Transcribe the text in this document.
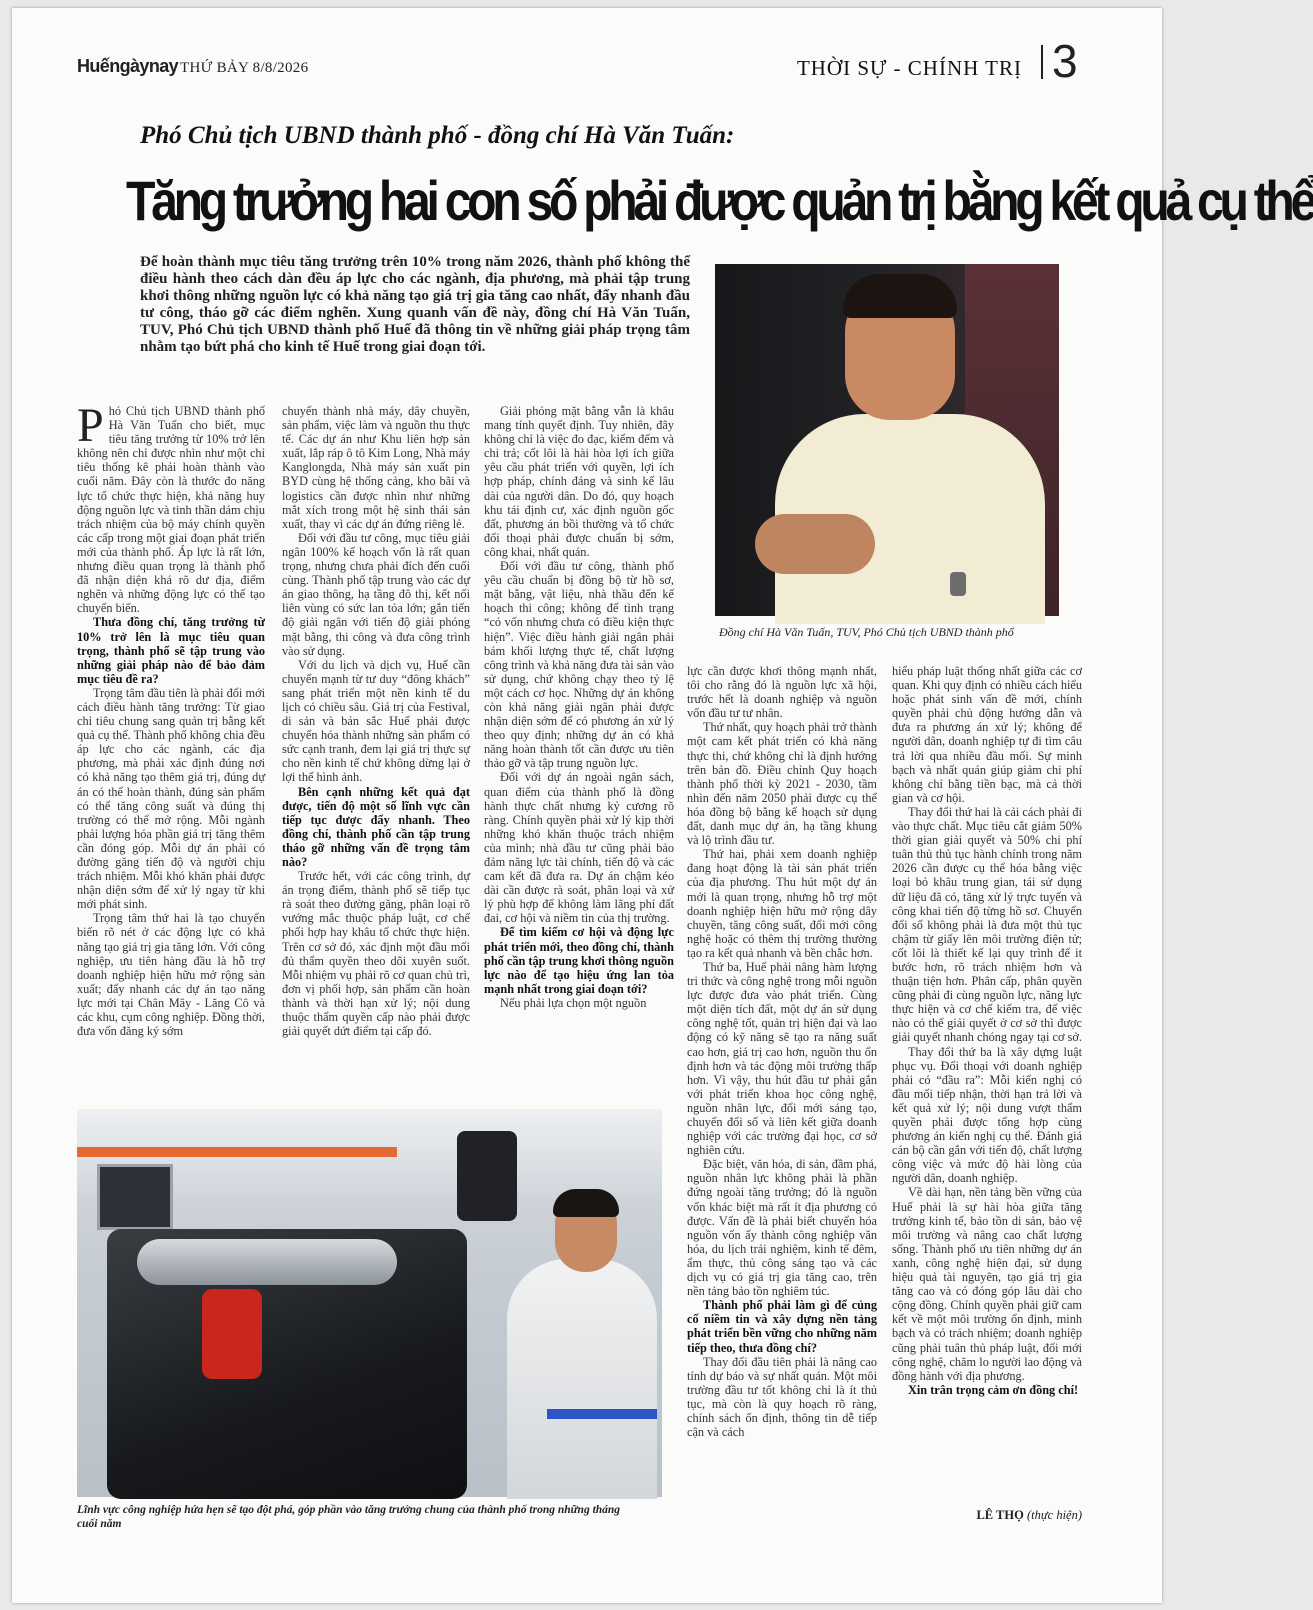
Huếngàynay THỨ BẢY 8/8/2026	THỜI SỰ - CHÍNH TRỊ 3
Phó Chủ tịch UBND thành phố - đồng chí Hà Văn Tuấn:
Tăng trưởng hai con số phải được quản trị bằng kết quả cụ thể
Để hoàn thành mục tiêu tăng trưởng trên 10% trong năm 2026, thành phố không thể điều hành theo cách dàn đều áp lực cho các ngành, địa phương, mà phải tập trung khơi thông những nguồn lực có khả năng tạo giá trị gia tăng cao nhất, đẩy nhanh đầu tư công, tháo gỡ các điểm nghẽn. Xung quanh vấn đề này, đồng chí Hà Văn Tuấn, TUV, Phó Chủ tịch UBND thành phố Huế đã thông tin về những giải pháp trọng tâm nhằm tạo bứt phá cho kinh tế Huế trong giai đoạn tới.
Đồng chí Hà Văn Tuấn, TUV, Phó Chủ tịch UBND thành phố

Phó Chủ tịch UBND thành phố Hà Văn Tuấn cho biết, mục tiêu tăng trưởng từ 10% trở lên không nên chỉ được nhìn như một chỉ tiêu thống kê phải hoàn thành vào cuối năm. Đây còn là thước đo năng lực tổ chức thực hiện, khả năng huy động nguồn lực và tinh thần dám chịu trách nhiệm của bộ máy chính quyền các cấp trong một giai đoạn phát triển mới của thành phố. Áp lực là rất lớn, nhưng điều quan trọng là thành phố đã nhận diện khá rõ dư địa, điểm nghẽn và những động lực có thể tạo chuyển biến.

Thưa đồng chí, tăng trưởng từ 10% trở lên là mục tiêu quan trọng, thành phố sẽ tập trung vào những giải pháp nào để bảo đảm mục tiêu đề ra?

Trọng tâm đầu tiên là phải đổi mới cách điều hành tăng trưởng: Từ giao chỉ tiêu chung sang quản trị bằng kết quả cụ thể. Thành phố không chia đều áp lực cho các ngành, các địa phương, mà phải xác định đúng nơi có khả năng tạo thêm giá trị, đúng dự án có thể hoàn thành, đúng sản phẩm có thể tăng công suất và đúng thị trường có thể mở rộng. Mỗi ngành phải lượng hóa phần giá trị tăng thêm cần đóng góp. Mỗi dự án phải có đường găng tiến độ và người chịu trách nhiệm. Mỗi khó khăn phải được nhận diện sớm để xử lý ngay từ khi mới phát sinh.

Trọng tâm thứ hai là tạo chuyển biến rõ nét ở các động lực có khả năng tạo giá trị gia tăng lớn. Với công nghiệp, ưu tiên hàng đầu là hỗ trợ doanh nghiệp hiện hữu mở rộng sản xuất; đẩy nhanh các dự án tạo năng lực mới tại Chân Mây - Lăng Cô và các khu, cụm công nghiệp. Đồng thời, đưa vốn đăng ký sớm

chuyển thành nhà máy, dây chuyền, sản phẩm, việc làm và nguồn thu thực tế. Các dự án như Khu liên hợp sản xuất, lắp ráp ô tô Kim Long, Nhà máy Kanglongda, Nhà máy sản xuất pin BYD cùng hệ thống cảng, kho bãi và logistics cần được nhìn như những mắt xích trong một hệ sinh thái sản xuất, thay vì các dự án đứng riêng lẻ.

Đối với đầu tư công, mục tiêu giải ngân 100% kế hoạch vốn là rất quan trọng, nhưng chưa phải đích đến cuối cùng. Thành phố tập trung vào các dự án giao thông, hạ tầng đô thị, kết nối liên vùng có sức lan tỏa lớn; gắn tiến độ giải ngân với tiến độ giải phóng mặt bằng, thi công và đưa công trình vào sử dụng.

Với du lịch và dịch vụ, Huế cần chuyển mạnh từ tư duy “đông khách” sang phát triển một nền kinh tế du lịch có chiều sâu. Giá trị của Festival, di sản và bản sắc Huế phải được chuyển hóa thành những sản phẩm có sức cạnh tranh, đem lại giá trị thực sự cho nền kinh tế chứ không dừng lại ở lợi thế hình ảnh.

Bên cạnh những kết quả đạt được, tiến độ một số lĩnh vực cần tiếp tục được đẩy nhanh. Theo đồng chí, thành phố cần tập trung tháo gỡ những vấn đề trọng tâm nào?

Trước hết, với các công trình, dự án trọng điểm, thành phố sẽ tiếp tục rà soát theo đường găng, phân loại rõ vướng mắc thuộc pháp luật, cơ chế phối hợp hay khâu tổ chức thực hiện. Trên cơ sở đó, xác định một đầu mối đủ thẩm quyền theo dõi xuyên suốt. Mỗi nhiệm vụ phải rõ cơ quan chủ trì, đơn vị phối hợp, sản phẩm cần hoàn thành và thời hạn xử lý; nội dung thuộc thẩm quyền cấp nào phải được giải quyết dứt điểm tại cấp đó.

Giải phóng mặt bằng vẫn là khâu mang tính quyết định. Tuy nhiên, đây không chỉ là việc đo đạc, kiểm đếm và chi trả; cốt lõi là hài hòa lợi ích giữa yêu cầu phát triển với quyền, lợi ích hợp pháp, chính đáng và sinh kế lâu dài của người dân. Do đó, quy hoạch khu tái định cư, xác định nguồn gốc đất, phương án bồi thường và tổ chức đối thoại phải được chuẩn bị sớm, công khai, nhất quán.

Đối với đầu tư công, thành phố yêu cầu chuẩn bị đồng bộ từ hồ sơ, mặt bằng, vật liệu, nhà thầu đến kế hoạch thi công; không để tình trạng “có vốn nhưng chưa có điều kiện thực hiện”. Việc điều hành giải ngân phải bám khối lượng thực tế, chất lượng công trình và khả năng đưa tài sản vào sử dụng, chứ không chạy theo tỷ lệ một cách cơ học. Những dự án không còn khả năng giải ngân phải được nhận diện sớm để có phương án xử lý theo quy định; những dự án có khả năng hoàn thành tốt cần được ưu tiên thảo gỡ và tập trung nguồn lực.

Đối với dự án ngoài ngân sách, quan điểm của thành phố là đồng hành thực chất nhưng kỷ cương rõ ràng. Chính quyền phải xử lý kịp thời những khó khăn thuộc trách nhiệm của mình; nhà đầu tư cũng phải bảo đảm năng lực tài chính, tiến độ và các cam kết đã đưa ra. Dự án chậm kéo dài cần được rà soát, phân loại và xử lý phù hợp để không làm lãng phí đất đai, cơ hội và niềm tin của thị trường.

Để tìm kiếm cơ hội và động lực phát triển mới, theo đồng chí, thành phố cần tập trung khơi thông nguồn lực nào để tạo hiệu ứng lan tỏa mạnh nhất trong giai đoạn tới?

Nếu phải lựa chọn một nguồn

lực cần được khơi thông mạnh nhất, tôi cho rằng đó là nguồn lực xã hội, trước hết là doanh nghiệp và nguồn vốn đầu tư tư nhân.

Thứ nhất, quy hoạch phải trở thành một cam kết phát triển có khả năng thực thi, chứ không chỉ là định hướng trên bản đồ. Điều chỉnh Quy hoạch thành phố thời kỳ 2021 - 2030, tầm nhìn đến năm 2050 phải được cụ thể hóa đồng bộ bằng kế hoạch sử dụng đất, danh mục dự án, hạ tầng khung và lộ trình đầu tư.

Thứ hai, phải xem doanh nghiệp đang hoạt động là tài sản phát triển của địa phương. Thu hút một dự án mới là quan trọng, nhưng hỗ trợ một doanh nghiệp hiện hữu mở rộng dây chuyền, tăng công suất, đổi mới công nghệ hoặc có thêm thị trường thường tạo ra kết quả nhanh và bền chắc hơn.

Thứ ba, Huế phải nâng hàm lượng tri thức và công nghệ trong mỗi nguồn lực được đưa vào phát triển. Cùng một diện tích đất, một dự án sử dụng công nghệ tốt, quản trị hiện đại và lao động có kỹ năng sẽ tạo ra năng suất cao hơn, giá trị cao hơn, nguồn thu ổn định hơn và tác động môi trường thấp hơn. Vì vậy, thu hút đầu tư phải gắn với phát triển khoa học công nghệ, nguồn nhân lực, đổi mới sáng tạo, chuyển đổi số và liên kết giữa doanh nghiệp với các trường đại học, cơ sở nghiên cứu.

Đặc biệt, văn hóa, di sản, đầm phá, nguồn nhân lực không phải là phần đứng ngoài tăng trưởng; đó là nguồn vốn khác biệt mà rất ít địa phương có được. Vấn đề là phải biết chuyển hóa nguồn vốn ấy thành công nghiệp văn hóa, du lịch trải nghiệm, kinh tế đêm, ẩm thực, thủ công sáng tạo và các dịch vụ có giá trị gia tăng cao, trên nền tảng bảo tồn nghiêm túc.

Thành phố phải làm gì để củng cố niềm tin và xây dựng nền tảng phát triển bền vững cho những năm tiếp theo, thưa đồng chí?

Thay đổi đầu tiên phải là nâng cao tính dự báo và sự nhất quán. Một môi trường đầu tư tốt không chỉ là ít thủ tục, mà còn là quy hoạch rõ ràng, chính sách ổn định, thông tin dễ tiếp cận và cách

hiểu pháp luật thống nhất giữa các cơ quan. Khi quy định có nhiều cách hiểu hoặc phát sinh vấn đề mới, chính quyền phải chủ động hướng dẫn và đưa ra phương án xử lý; không để người dân, doanh nghiệp tự đi tìm câu trả lời qua nhiều đầu mối. Sự minh bạch và nhất quán giúp giảm chi phí không chỉ bằng tiền bạc, mà cả thời gian và cơ hội.

Thay đổi thứ hai là cải cách phải đi vào thực chất. Mục tiêu cắt giảm 50% thời gian giải quyết và 50% chi phí tuân thủ thủ tục hành chính trong năm 2026 cần được cụ thể hóa bằng việc loại bỏ khâu trung gian, tái sử dụng dữ liệu đã có, tăng xử lý trực tuyến và công khai tiến độ từng hồ sơ. Chuyển đổi số không phải là đưa một thủ tục chậm từ giấy lên môi trường điện tử; cốt lõi là thiết kế lại quy trình để it bước hơn, rõ trách nhiệm hơn và thuận tiện hơn. Phân cấp, phân quyền cũng phải đi cùng nguồn lực, năng lực thực hiện và cơ chế kiểm tra, để việc nào có thể giải quyết ở cơ sở thì được giải quyết nhanh chóng ngay tại cơ sở.

Thay đổi thứ ba là xây dựng luật phục vụ. Đối thoại với doanh nghiệp phải có “đầu ra”: Mỗi kiến nghị có đầu mối tiếp nhận, thời hạn trả lời và kết quả xử lý; nội dung vượt thẩm quyền phải được tổng hợp cùng phương án kiến nghị cụ thể. Đánh giá cán bộ cần gắn với tiến độ, chất lượng công việc và mức độ hài lòng của người dân, doanh nghiệp.

Về dài hạn, nền tảng bền vững của Huế phải là sự hài hòa giữa tăng trưởng kinh tế, bảo tồn di sản, bảo vệ môi trường và nâng cao chất lượng sống. Thành phố ưu tiên những dự án xanh, công nghệ hiện đại, sử dụng hiệu quả tài nguyên, tạo giá trị gia tăng cao và có đóng góp lâu dài cho cộng đồng. Chính quyền phải giữ cam kết về một môi trường ổn định, minh bạch và có trách nhiệm; doanh nghiệp cũng phải tuân thủ pháp luật, đổi mới công nghệ, chăm lo người lao động và đồng hành với địa phương.

Xin trân trọng cảm ơn đồng chí!

LÊ THỌ (thực hiện)
Lĩnh vực công nghiệp hứa hẹn sẽ tạo đột phá, góp phần vào tăng trưởng chung của thành phố trong những tháng cuối năm
